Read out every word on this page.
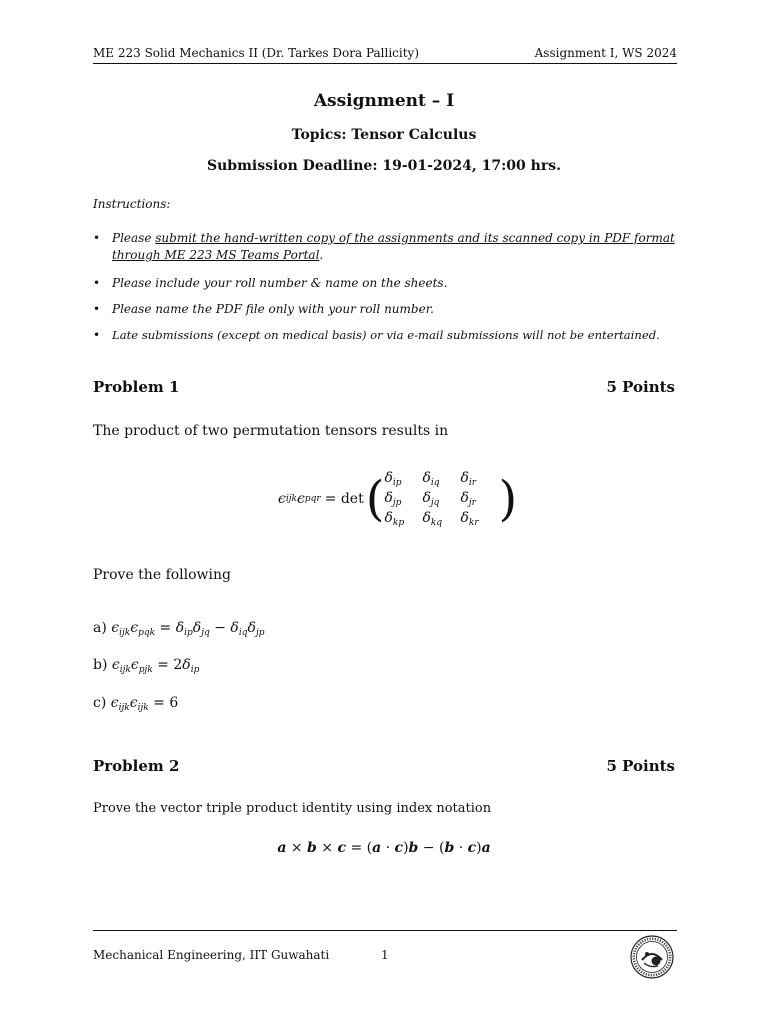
ME 223 Solid Mechanics II (Dr. Tarkes Dora Pallicity)	Assignment I, WS 2024
Assignment – I
Topics: Tensor Calculus
Submission Deadline: 19-01-2024, 17:00 hrs.
Instructions:
• Please submit the hand-written copy of the assignments and its scanned copy in PDF format
through ME 223 MS Teams Portal.
• Please include your roll number & name on the sheets.
• Please name the PDF file only with your roll number.
• Late submissions (except on medical basis) or via e-mail submissions will not be entertained.
Problem 1	5 Points
The product of two permutation tensors results in
ϵ ijk ϵ pqr = det ( $\delta_{ip}$	$\delta_{iq}$	$\delta_{ir}$
$\delta_{jp}$	$\delta_{jq}$	$\delta_{jr}$
$\delta_{kp}$	$\delta_{kq}$	$\delta_{kr}$ )
Prove the following
a) $\epsilon_{ijk}\epsilon_{pqk} = \delta_{ip}\delta_{jq} - \delta_{iq}\delta_{jp}$
b) $\epsilon_{ijk}\epsilon_{pjk} = 2\delta_{ip}$
c) $\epsilon_{ijk}\epsilon_{ijk} = 6$
Problem 2	5 Points
Prove the vector triple product identity using index notation
a × b × c = (a · c)b − (b · c)a
Mechanical Engineering, IIT Guwahati	1
